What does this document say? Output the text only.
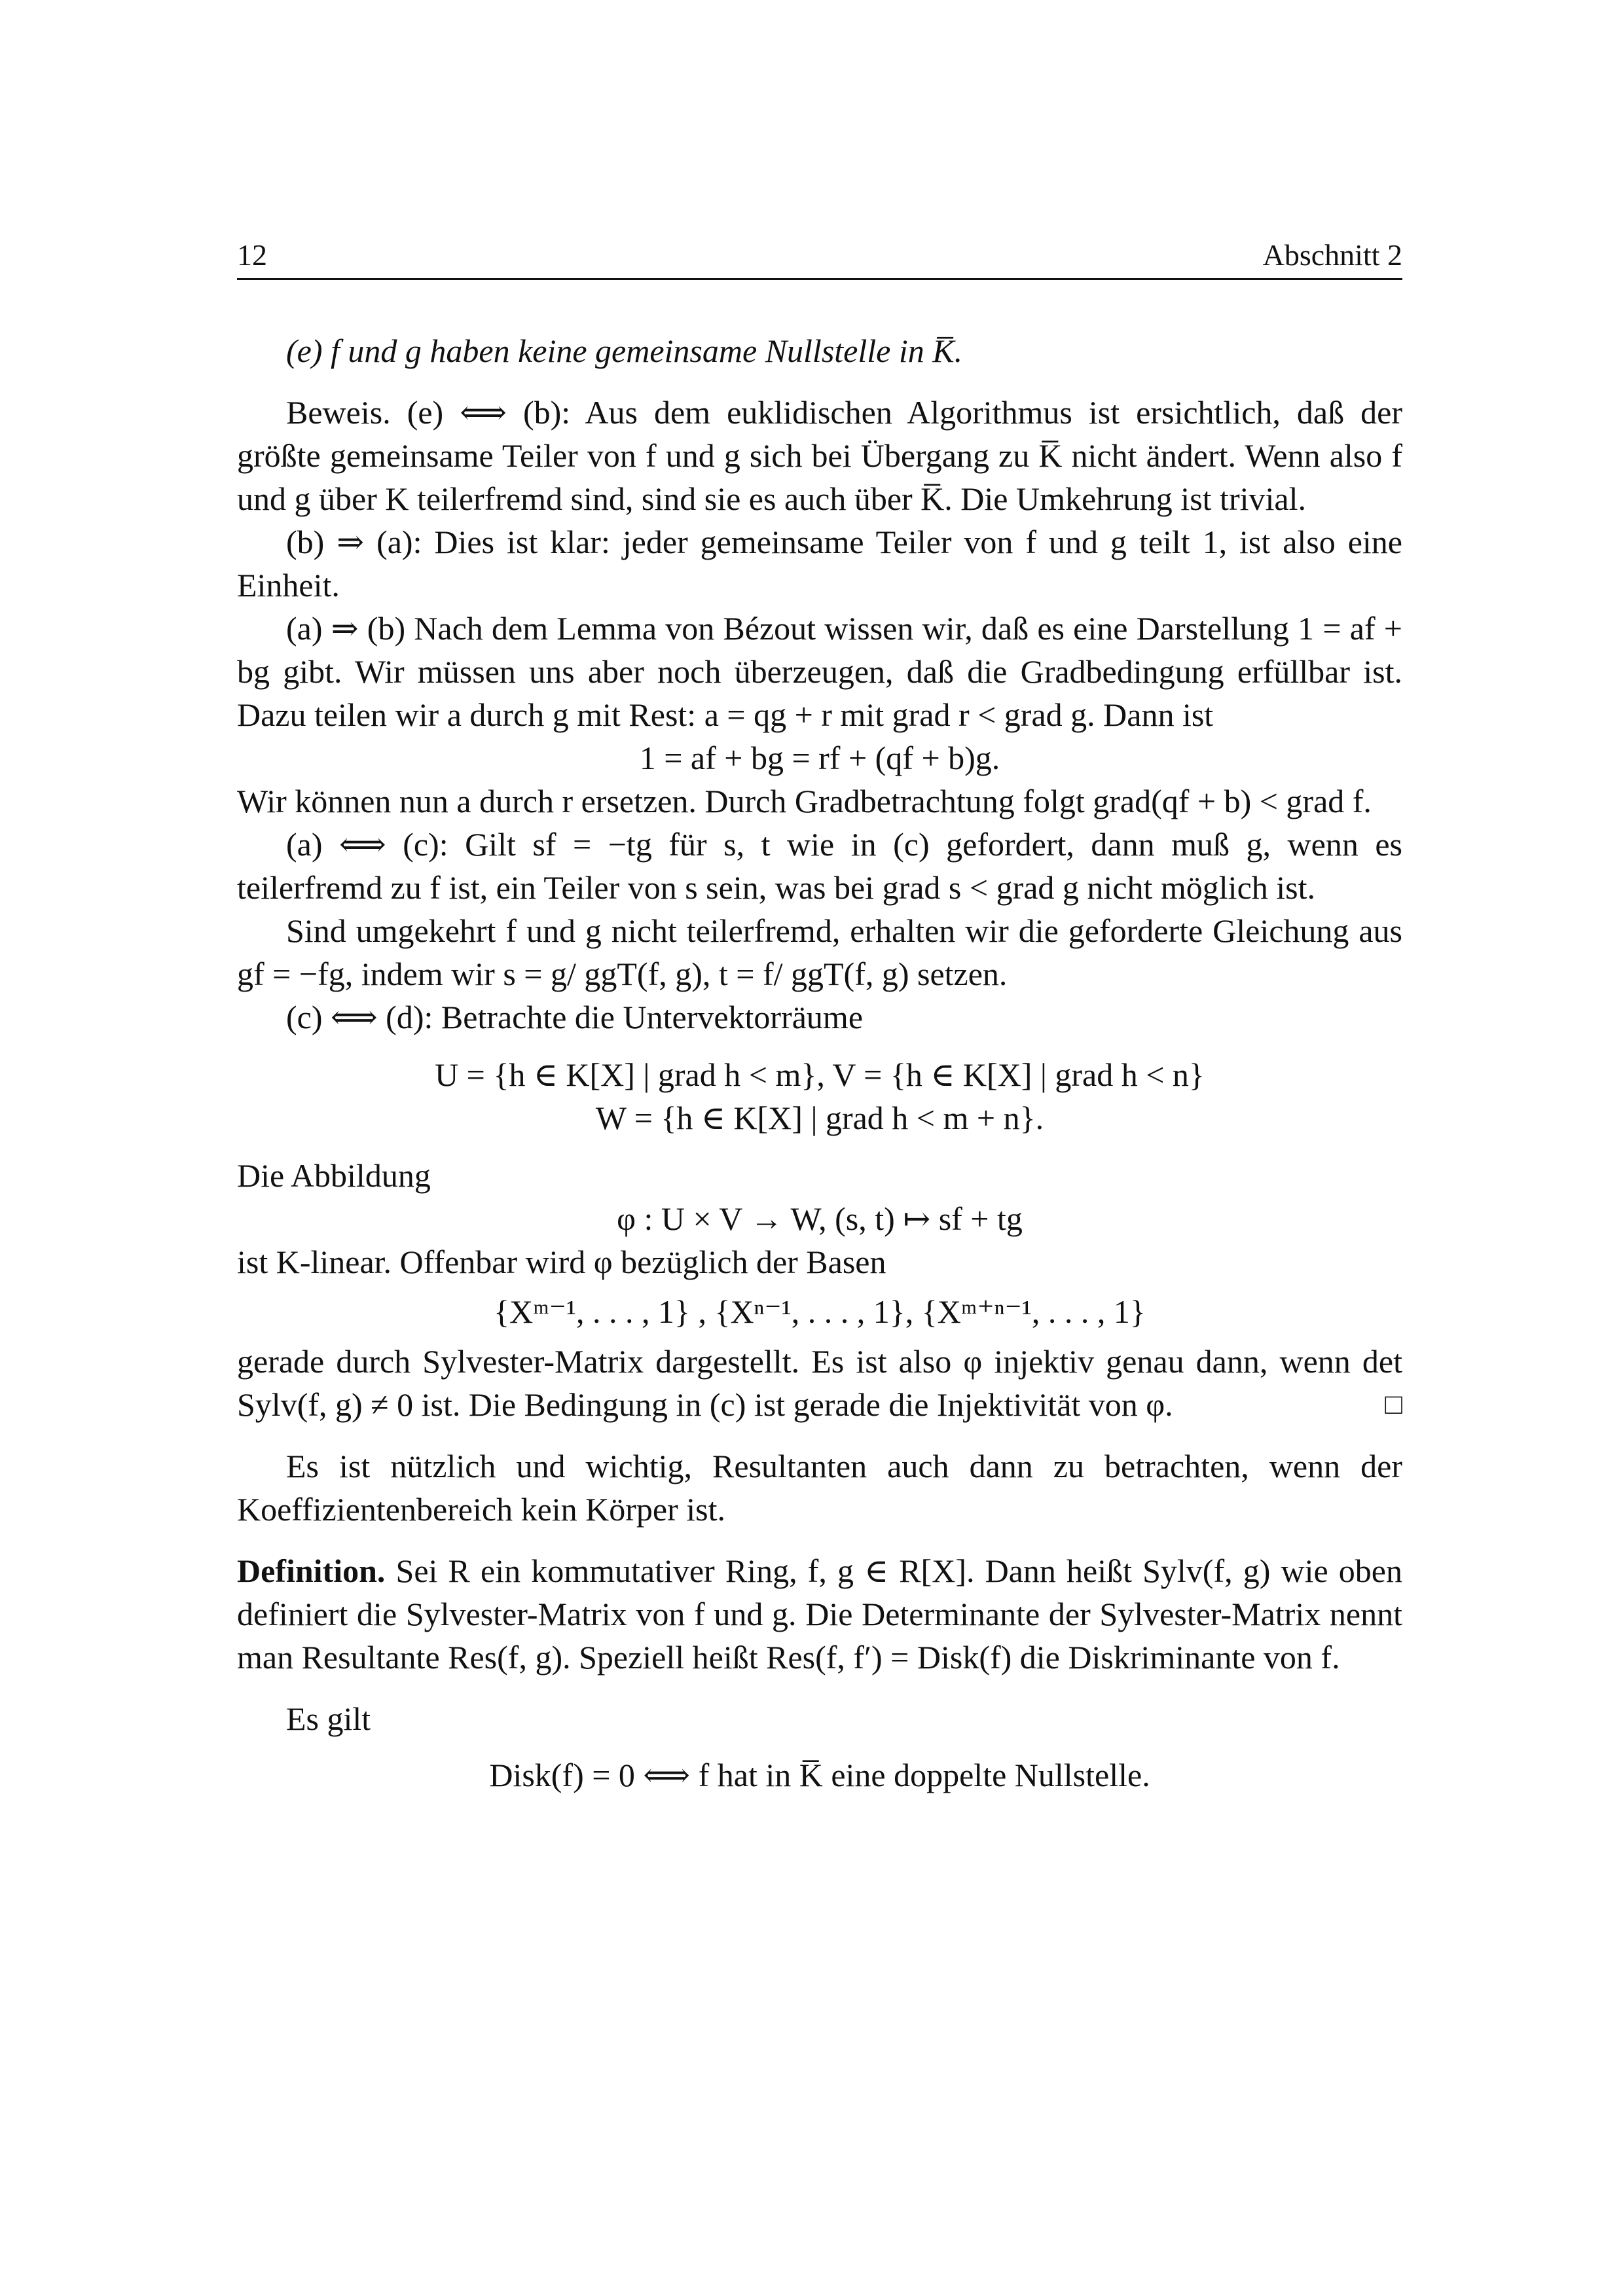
12	Abschnitt 2

(e) f und g haben keine gemeinsame Nullstelle in K̅.

Beweis. (e) ⟺ (b): Aus dem euklidischen Algorithmus ist ersichtlich, daß der größte gemeinsame Teiler von f und g sich bei Übergang zu K̅ nicht ändert. Wenn also f und g über K teilerfremd sind, sind sie es auch über K̅. Die Umkehrung ist trivial.

(b) ⇒ (a): Dies ist klar: jeder gemeinsame Teiler von f und g teilt 1, ist also eine Einheit.

(a) ⇒ (b) Nach dem Lemma von Bézout wissen wir, daß es eine Darstellung 1 = af + bg gibt. Wir müssen uns aber noch überzeugen, daß die Gradbedingung erfüllbar ist. Dazu teilen wir a durch g mit Rest: a = qg + r mit grad r < grad g. Dann ist

1 = af + bg = rf + (qf + b)g.

Wir können nun a durch r ersetzen. Durch Gradbetrachtung folgt grad(qf + b) < grad f.

(a) ⟺ (c): Gilt sf = −tg für s, t wie in (c) gefordert, dann muß g, wenn es teilerfremd zu f ist, ein Teiler von s sein, was bei grad s < grad g nicht möglich ist.

Sind umgekehrt f und g nicht teilerfremd, erhalten wir die geforderte Gleichung aus gf = −fg, indem wir s = g/ ggT(f, g), t = f/ ggT(f, g) setzen.

(c) ⟺ (d): Betrachte die Untervektorräume

U = {h ∈ K[X] | grad h < m}, V = {h ∈ K[X] | grad h < n}

W = {h ∈ K[X] | grad h < m + n}.

Die Abbildung

φ : U × V → W, (s, t) ↦ sf + tg

ist K-linear. Offenbar wird φ bezüglich der Basen

{Xᵐ⁻¹, . . . , 1} , {Xⁿ⁻¹, . . . , 1}, {Xᵐ⁺ⁿ⁻¹, . . . , 1}

gerade durch Sylvester-Matrix dargestellt. Es ist also φ injektiv genau dann, wenn det Sylv(f, g) ≠ 0 ist. Die Bedingung in (c) ist gerade die Injektivität von φ.	□

Es ist nützlich und wichtig, Resultanten auch dann zu betrachten, wenn der Koeffizientenbereich kein Körper ist.

Definition. Sei R ein kommutativer Ring, f, g ∈ R[X]. Dann heißt Sylv(f, g) wie oben definiert die Sylvester-Matrix von f und g. Die Determinante der Sylvester-Matrix nennt man Resultante Res(f, g). Speziell heißt Res(f, f′) = Disk(f) die Diskriminante von f.

Es gilt

Disk(f) = 0 ⟺ f hat in K̅ eine doppelte Nullstelle.
